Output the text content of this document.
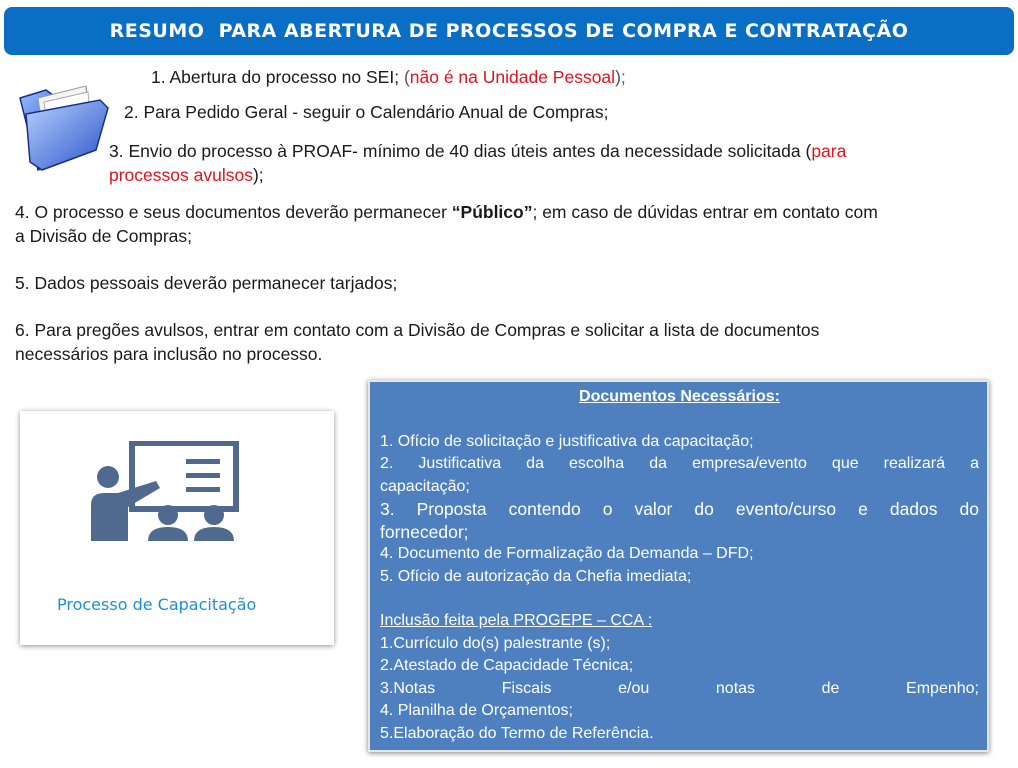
RESUMO  PARA ABERTURA DE PROCESSOS DE COMPRA E CONTRATAÇÃO
1. Abertura do processo no SEI; (não é na Unidade Pessoal);
2. Para Pedido Geral - seguir o Calendário Anual de Compras;
3. Envio do processo à PROAF- mínimo de 40 dias úteis antes da necessidade solicitada (para
processos avulsos);
4. O processo e seus documentos deverão permanecer “Público”; em caso de dúvidas entrar em contato com
a Divisão de Compras;
5. Dados pessoais deverão permanecer tarjados;
6. Para pregões avulsos, entrar em contato com a Divisão de Compras e solicitar a lista de documentos
necessários para inclusão no processo.
Processo de Capacitação
Documentos Necessários:
1. Ofício de solicitação e justificativa da capacitação;
2. Justificativa da escolha da empresa/evento que realizará a
capacitação;
3. Proposta contendo o valor do evento/curso e dados do
fornecedor;
4. Documento de Formalização da Demanda – DFD;
5. Ofício de autorização da Chefia imediata;
Inclusão feita pela PROGEPE – CCA :
1.Currículo do(s) palestrante (s);
2.Atestado de Capacidade Técnica;
3.Notas Fiscais e/ou notas de Empenho;
4. Planilha de Orçamentos;
5.Elaboração do Termo de Referência.
